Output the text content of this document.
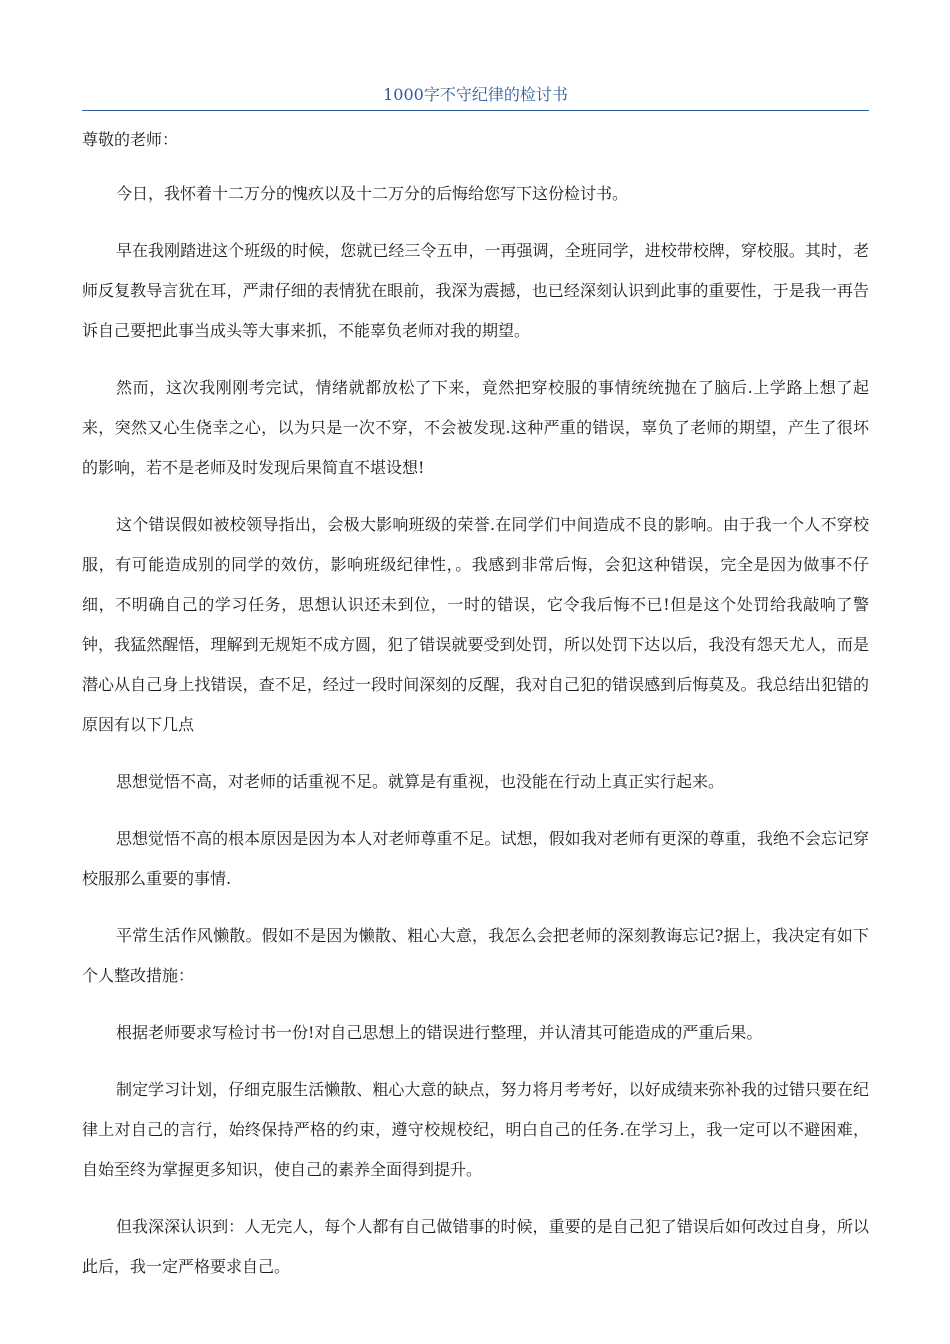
1000字不守纪律的检讨书

尊敬的老师：

今日，我怀着十二万分的愧疚以及十二万分的后悔给您写下这份检讨书。

早在我刚踏进这个班级的时候，您就已经三令五申，一再强调，全班同学，进校带校牌，穿校服。其时，老师反复教导言犹在耳，严肃仔细的表情犹在眼前，我深为震撼，也已经深刻认识到此事的重要性，于是我一再告诉自己要把此事当成头等大事来抓，不能辜负老师对我的期望。

然而，这次我刚刚考完试，情绪就都放松了下来，竟然把穿校服的事情统统抛在了脑后.上学路上想了起来，突然又心生侥幸之心，以为只是一次不穿，不会被发现.这种严重的错误，辜负了老师的期望，产生了很坏的影响，若不是老师及时发现后果简直不堪设想!

这个错误假如被校领导指出，会极大影响班级的荣誉.在同学们中间造成不良的影响。由于我一个人不穿校服，有可能造成别的同学的效仿，影响班级纪律性，。我感到非常后悔，会犯这种错误，完全是因为做事不仔细，不明确自己的学习任务，思想认识还未到位，一时的错误，它令我后悔不已!但是这个处罚给我敲响了警钟，我猛然醒悟，理解到无规矩不成方圆，犯了错误就要受到处罚，所以处罚下达以后，我没有怨天尤人，而是潜心从自己身上找错误，查不足，经过一段时间深刻的反醒，我对自己犯的错误感到后悔莫及。我总结出犯错的原因有以下几点

思想觉悟不高，对老师的话重视不足。就算是有重视，也没能在行动上真正实行起来。

思想觉悟不高的根本原因是因为本人对老师尊重不足。试想，假如我对老师有更深的尊重，我绝不会忘记穿校服那么重要的事情.

平常生活作风懒散。假如不是因为懒散、粗心大意，我怎么会把老师的深刻教诲忘记?据上，我决定有如下个人整改措施：

根据老师要求写检讨书一份!对自己思想上的错误进行整理，并认清其可能造成的严重后果。

制定学习计划，仔细克服生活懒散、粗心大意的缺点，努力将月考考好，以好成绩来弥补我的过错只要在纪律上对自己的言行，始终保持严格的约束，遵守校规校纪，明白自己的任务.在学习上，我一定可以不避困难，自始至终为掌握更多知识，使自己的素养全面得到提升。

但我深深认识到：人无完人，每个人都有自己做错事的时候，重要的是自己犯了错误后如何改过自身，所以此后，我一定严格要求自己。
